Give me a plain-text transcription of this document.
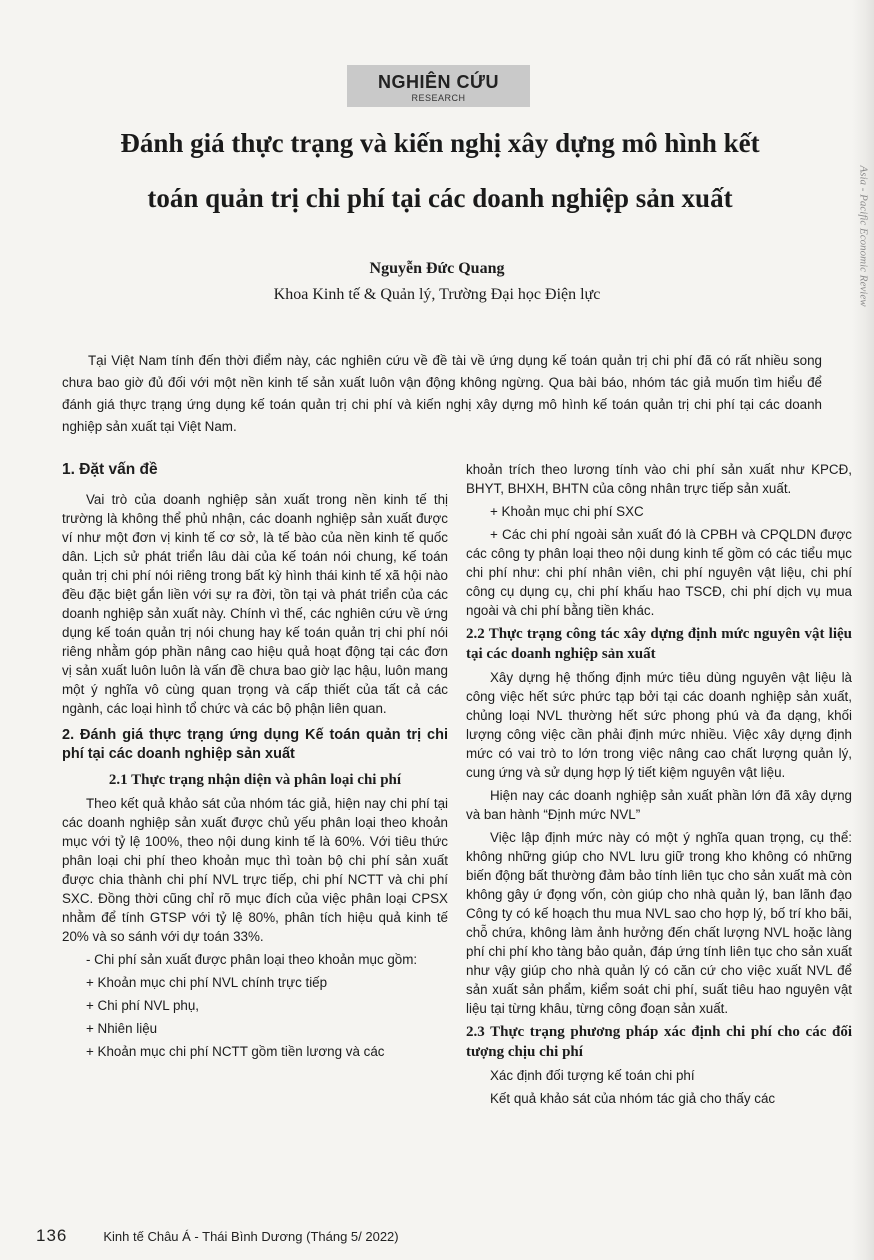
Asia - Pacific Economic Review
NGHIÊN CỨU
RESEARCH
Đánh giá thực trạng và kiến nghị xây dựng mô hình kết
toán quản trị chi phí tại các doanh nghiệp sản xuất
Nguyễn Đức Quang
Khoa Kinh tế & Quản lý, Trường Đại học Điện lực
Tại Việt Nam tính đến thời điểm này, các nghiên cứu về đề tài về ứng dụng kế toán quản trị chi phí đã có rất nhiều song chưa bao giờ đủ đối với một nền kinh tế sản xuất luôn vận động không ngừng. Qua bài báo, nhóm tác giả muốn tìm hiểu để đánh giá thực trạng ứng dụng kế toán quản trị chi phí và kiến nghị xây dựng mô hình kế toán quản trị chi phí tại các doanh nghiệp sản xuất tại Việt Nam.

1. Đặt vấn đề

Vai trò của doanh nghiệp sản xuất trong nền kinh tế thị trường là không thể phủ nhận, các doanh nghiệp sản xuất được ví như một đơn vị kinh tế cơ sở, là tế bào của nền kinh tế quốc dân. Lịch sử phát triển lâu dài của kế toán nói chung, kế toán quản trị chi phí nói riêng trong bất kỳ hình thái kinh tế xã hội nào đều đặc biệt gắn liền với sự ra đời, tồn tại và phát triển của các doanh nghiệp sản xuất này. Chính vì thế, các nghiên cứu về ứng dụng kế toán quản trị nói chung hay kế toán quản trị chi phí nói riêng nhằm góp phần nâng cao hiệu quả hoạt động tại các đơn vị sản xuất luôn luôn là vấn đề chưa bao giờ lạc hậu, luôn mang một ý nghĩa vô cùng quan trọng và cấp thiết của tất cả các ngành, các loại hình tổ chức và các bộ phận liên quan.

2. Đánh giá thực trạng ứng dụng Kế toán quản trị chi phí tại các doanh nghiệp sản xuất

2.1 Thực trạng nhận diện và phân loại chi phí

Theo kết quả khảo sát của nhóm tác giả, hiện nay chi phí tại các doanh nghiệp sản xuất được chủ yếu phân loại theo khoản mục với tỷ lệ 100%, theo nội dung kinh tế là 60%. Với tiêu thức phân loại chi phí theo khoản mục thì toàn bộ chi phí sản xuất được chia thành chi phí NVL trực tiếp, chi phí NCTT và chi phí SXC. Đồng thời cũng chỉ rõ mục đích của việc phân loại CPSX nhằm để tính GTSP với tỷ lệ 80%, phân tích hiệu quả kinh tế 20% và so sánh với dự toán 33%.

- Chi phí sản xuất được phân loại theo khoản mục gồm:

+ Khoản mục chi phí NVL chính trực tiếp

+ Chi phí NVL phụ,

+ Nhiên liệu

+ Khoản mục chi phí NCTT gồm tiền lương và các

khoản trích theo lương tính vào chi phí sản xuất như KPCĐ, BHYT, BHXH, BHTN của công nhân trực tiếp sản xuất.

+ Khoản mục chi phí SXC

+ Các chi phí ngoài sản xuất đó là CPBH và CPQLDN được các công ty phân loại theo nội dung kinh tế gồm có các tiểu mục chi phí như: chi phí nhân viên, chi phí nguyên vật liệu, chi phí công cụ dụng cụ, chi phí khấu hao TSCĐ, chi phí dịch vụ mua ngoài và chi phí bằng tiền khác.

2.2 Thực trạng công tác xây dựng định mức nguyên vật liệu tại các doanh nghiệp sản xuất

Xây dựng hệ thống định mức tiêu dùng nguyên vật liệu là công việc hết sức phức tạp bởi tại các doanh nghiệp sản xuất, chủng loại NVL thường hết sức phong phú và đa dạng, khối lượng công việc cần phải định mức nhiều. Việc xây dựng định mức có vai trò to lớn trong việc nâng cao chất lượng quản lý, cung ứng và sử dụng hợp lý tiết kiệm nguyên vật liệu.

Hiện nay các doanh nghiệp sản xuất phần lớn đã xây dựng và ban hành “Định mức NVL”

Việc lập định mức này có một ý nghĩa quan trọng, cụ thể: không những giúp cho NVL lưu giữ trong kho không có những biến động bất thường đảm bảo tính liên tục cho sản xuất mà còn không gây ứ đọng vốn, còn giúp cho nhà quản lý, ban lãnh đạo Công ty có kế hoạch thu mua NVL sao cho hợp lý, bố trí kho bãi, chỗ chứa, không làm ảnh hưởng đến chất lượng NVL hoặc làng phí chi phí kho tàng bảo quản, đáp ứng tính liên tục cho sản xuất như vậy giúp cho nhà quản lý có căn cứ cho việc xuất NVL để sản xuất sản phẩm, kiểm soát chi phí, suất tiêu hao nguyên vật liệu tại từng khâu, từng công đoạn sản xuất.

2.3 Thực trạng phương pháp xác định chi phí cho các đối tượng chịu chi phí

Xác định đối tượng kế toán chi phí

Kết quả khảo sát của nhóm tác giả cho thấy các

136	Kinh tế Châu Á - Thái Bình Dương (Tháng 5/ 2022)
